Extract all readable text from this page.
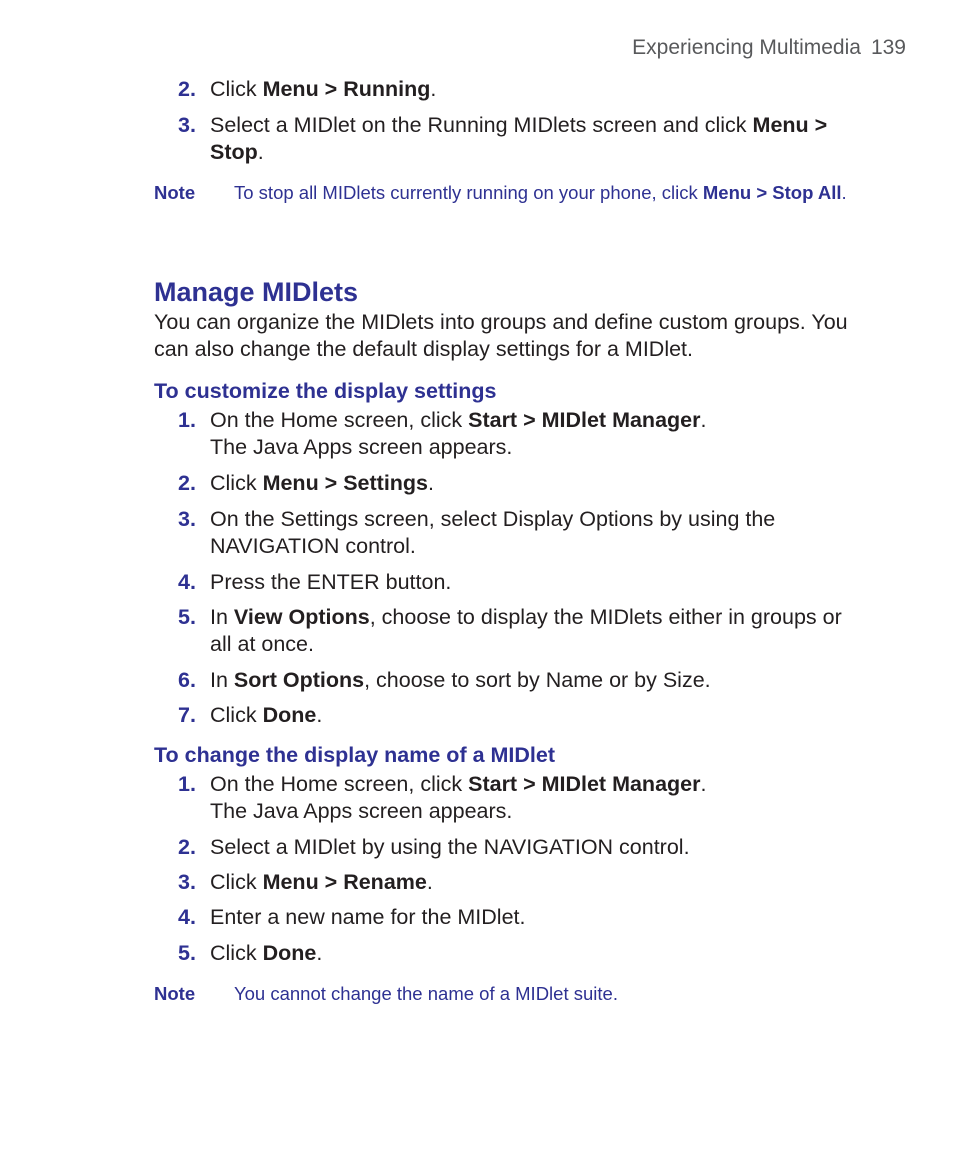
Experiencing Multimedia 139
2. Click Menu > Running.
3. Select a MIDlet on the Running MIDlets screen and click Menu > Stop.
Note To stop all MIDlets currently running on your phone, click Menu > Stop All.
Manage MIDlets
You can organize the MIDlets into groups and define custom groups. You can also change the default display settings for a MIDlet.
To customize the display settings
1. On the Home screen, click Start > MIDlet Manager.
The Java Apps screen appears.
2. Click Menu > Settings.
3. On the Settings screen, select Display Options by using the NAVIGATION control.
4. Press the ENTER button.
5. In View Options, choose to display the MIDlets either in groups or all at once.
6. In Sort Options, choose to sort by Name or by Size.
7. Click Done.
To change the display name of a MIDlet
1. On the Home screen, click Start > MIDlet Manager.
The Java Apps screen appears.
2. Select a MIDlet by using the NAVIGATION control.
3. Click Menu > Rename.
4. Enter a new name for the MIDlet.
5. Click Done.
Note You cannot change the name of a MIDlet suite.
